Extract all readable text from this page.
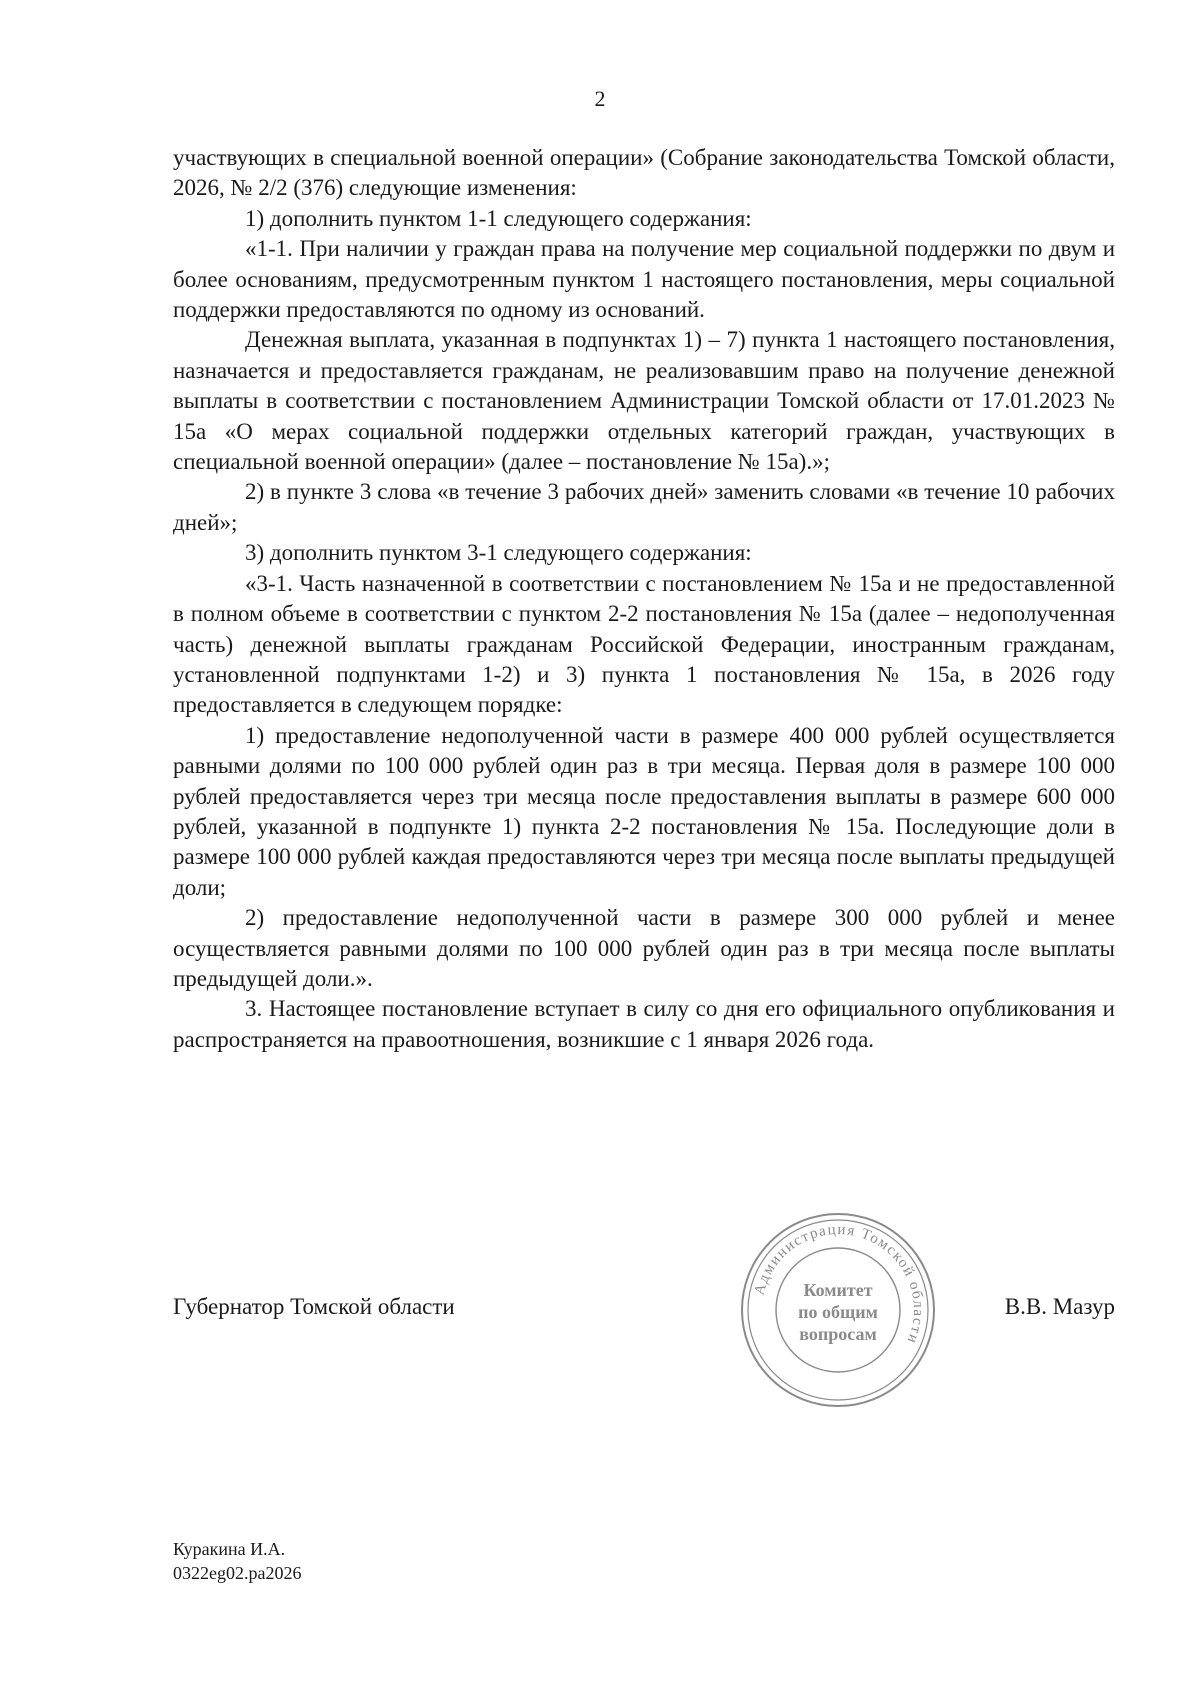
2

участвующих в специальной военной операции» (Собрание законодательства Томской области, 2026, № 2/2 (376) следующие изменения:

1) дополнить пунктом 1-1 следующего содержания:

«1-1. При наличии у граждан права на получение мер социальной поддержки по двум и более основаниям, предусмотренным пунктом 1 настоящего постановления, меры социальной поддержки предоставляются по одному из оснований.

Денежная выплата, указанная в подпунктах 1) – 7) пункта 1 настоящего постановления, назначается и предоставляется гражданам, не реализовавшим право на получение денежной выплаты в соответствии с постановлением Администрации Томской области от 17.01.2023 № 15а «О мерах социальной поддержки отдельных категорий граждан, участвующих в специальной военной операции» (далее – постановление № 15а).»;

2) в пункте 3 слова «в течение 3 рабочих дней» заменить словами «в течение 10 рабочих дней»;

3) дополнить пунктом 3-1 следующего содержания:

«3-1. Часть назначенной в соответствии с постановлением № 15а и не предоставленной в полном объеме в соответствии с пунктом 2-2 постановления № 15а (далее – недополученная часть) денежной выплаты гражданам Российской Федерации, иностранным гражданам, установленной подпунктами 1-2) и 3) пункта 1 постановления № 15а, в 2026 году предоставляется в следующем порядке:

1) предоставление недополученной части в размере 400 000 рублей осуществляется равными долями по 100 000 рублей один раз в три месяца. Первая доля в размере 100 000 рублей предоставляется через три месяца после предоставления выплаты в размере 600 000 рублей, указанной в подпункте 1) пункта 2-2 постановления № 15а. Последующие доли в размере 100 000 рублей каждая предоставляются через три месяца после выплаты предыдущей доли;

2) предоставление недополученной части в размере 300 000 рублей и менее осуществляется равными долями по 100 000 рублей один раз в три месяца после выплаты предыдущей доли.».

3. Настоящее постановление вступает в силу со дня его официального опубликования и распространяется на правоотношения, возникшие с 1 января 2026 года.

Губернатор Томской области	В.В. Мазур
Администрация Томской области
Комитет
по общим
вопросам
Куракина И.А.
0322еg02.ра2026
